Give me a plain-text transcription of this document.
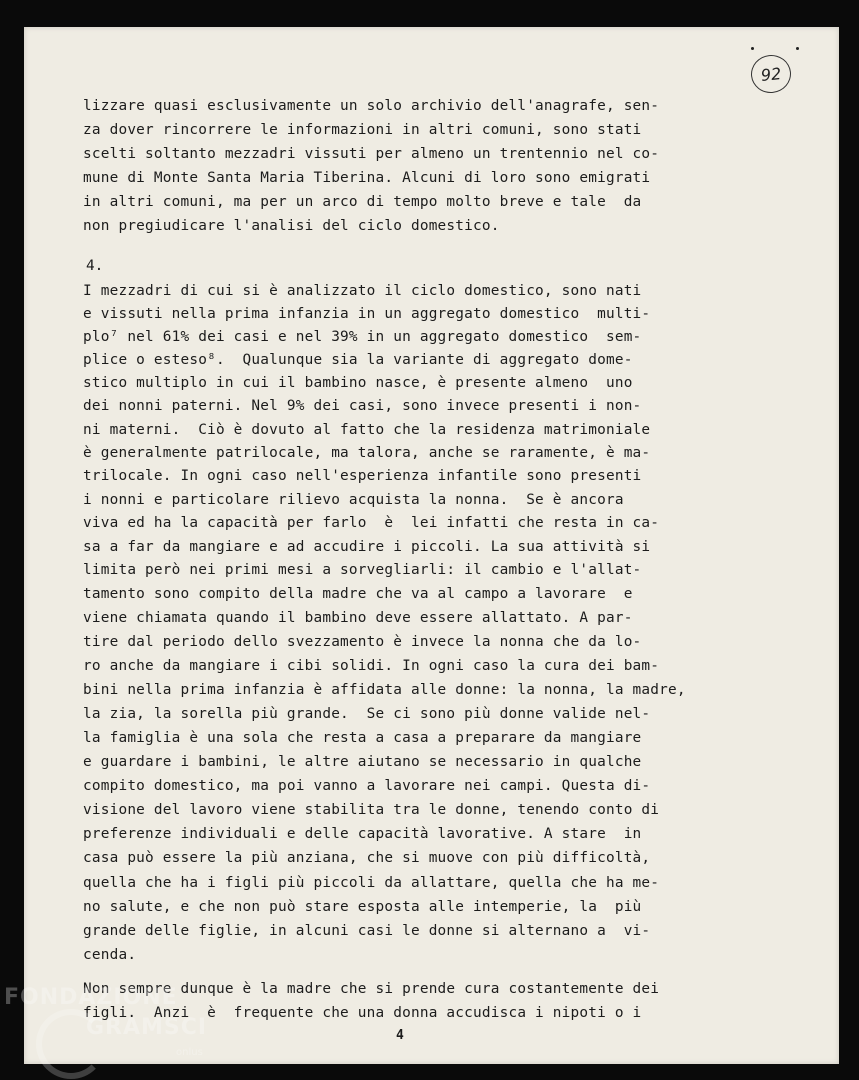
92
lizzare quasi esclusivamente un solo archivio dell'anagrafe, sen-
za dover rincorrere le informazioni in altri comuni, sono stati
scelti soltanto mezzadri vissuti per almeno un trentennio nel co-
mune di Monte Santa Maria Tiberina. Alcuni di loro sono emigrati
in altri comuni, ma per un arco di tempo molto breve e tale  da
non pregiudicare l'analisi del ciclo domestico.
4.
I mezzadri di cui si è analizzato il ciclo domestico, sono nati
e vissuti nella prima infanzia in un aggregato domestico  multi-
plo⁷ nel 61% dei casi e nel 39% in un aggregato domestico  sem-
plice o esteso⁸.  Qualunque sia la variante di aggregato dome-
stico multiplo in cui il bambino nasce, è presente almeno  uno
dei nonni paterni. Nel 9% dei casi, sono invece presenti i non-
ni materni.  Ciò è dovuto al fatto che la residenza matrimoniale
è generalmente patrilocale, ma talora, anche se raramente, è ma-
trilocale. In ogni caso nell'esperienza infantile sono presenti
i nonni e particolare rilievo acquista la nonna.  Se è ancora
viva ed ha la capacità per farlo  è  lei infatti che resta in ca-
sa a far da mangiare e ad accudire i piccoli. La sua attività si
limita però nei primi mesi a sorvegliarli: il cambio e l'allat-
tamento sono compito della madre che va al campo a lavorare  e
viene chiamata quando il bambino deve essere allattato. A par-
tire dal periodo dello svezzamento è invece la nonna che da lo-
ro anche da mangiare i cibi solidi. In ogni caso la cura dei bam-
bini nella prima infanzia è affidata alle donne: la nonna, la madre,
la zia, la sorella più grande.  Se ci sono più donne valide nel-
la famiglia è una sola che resta a casa a preparare da mangiare
e guardare i bambini, le altre aiutano se necessario in qualche
compito domestico, ma poi vanno a lavorare nei campi. Questa di-
visione del lavoro viene stabilita tra le donne, tenendo conto di
preferenze individuali e delle capacità lavorative. A stare  in
casa può essere la più anziana, che si muove con più difficoltà,
quella che ha i figli più piccoli da allattare, quella che ha me-
no salute, e che non può stare esposta alle intemperie, la  più
grande delle figlie, in alcuni casi le donne si alternano a  vi-
cenda.
Non sempre dunque è la madre che si prende cura costantemente dei
figli.  Anzi  è  frequente che una donna accudisca i nipoti o i
4
FONDAZIONE
GRAMSCI
onlus
